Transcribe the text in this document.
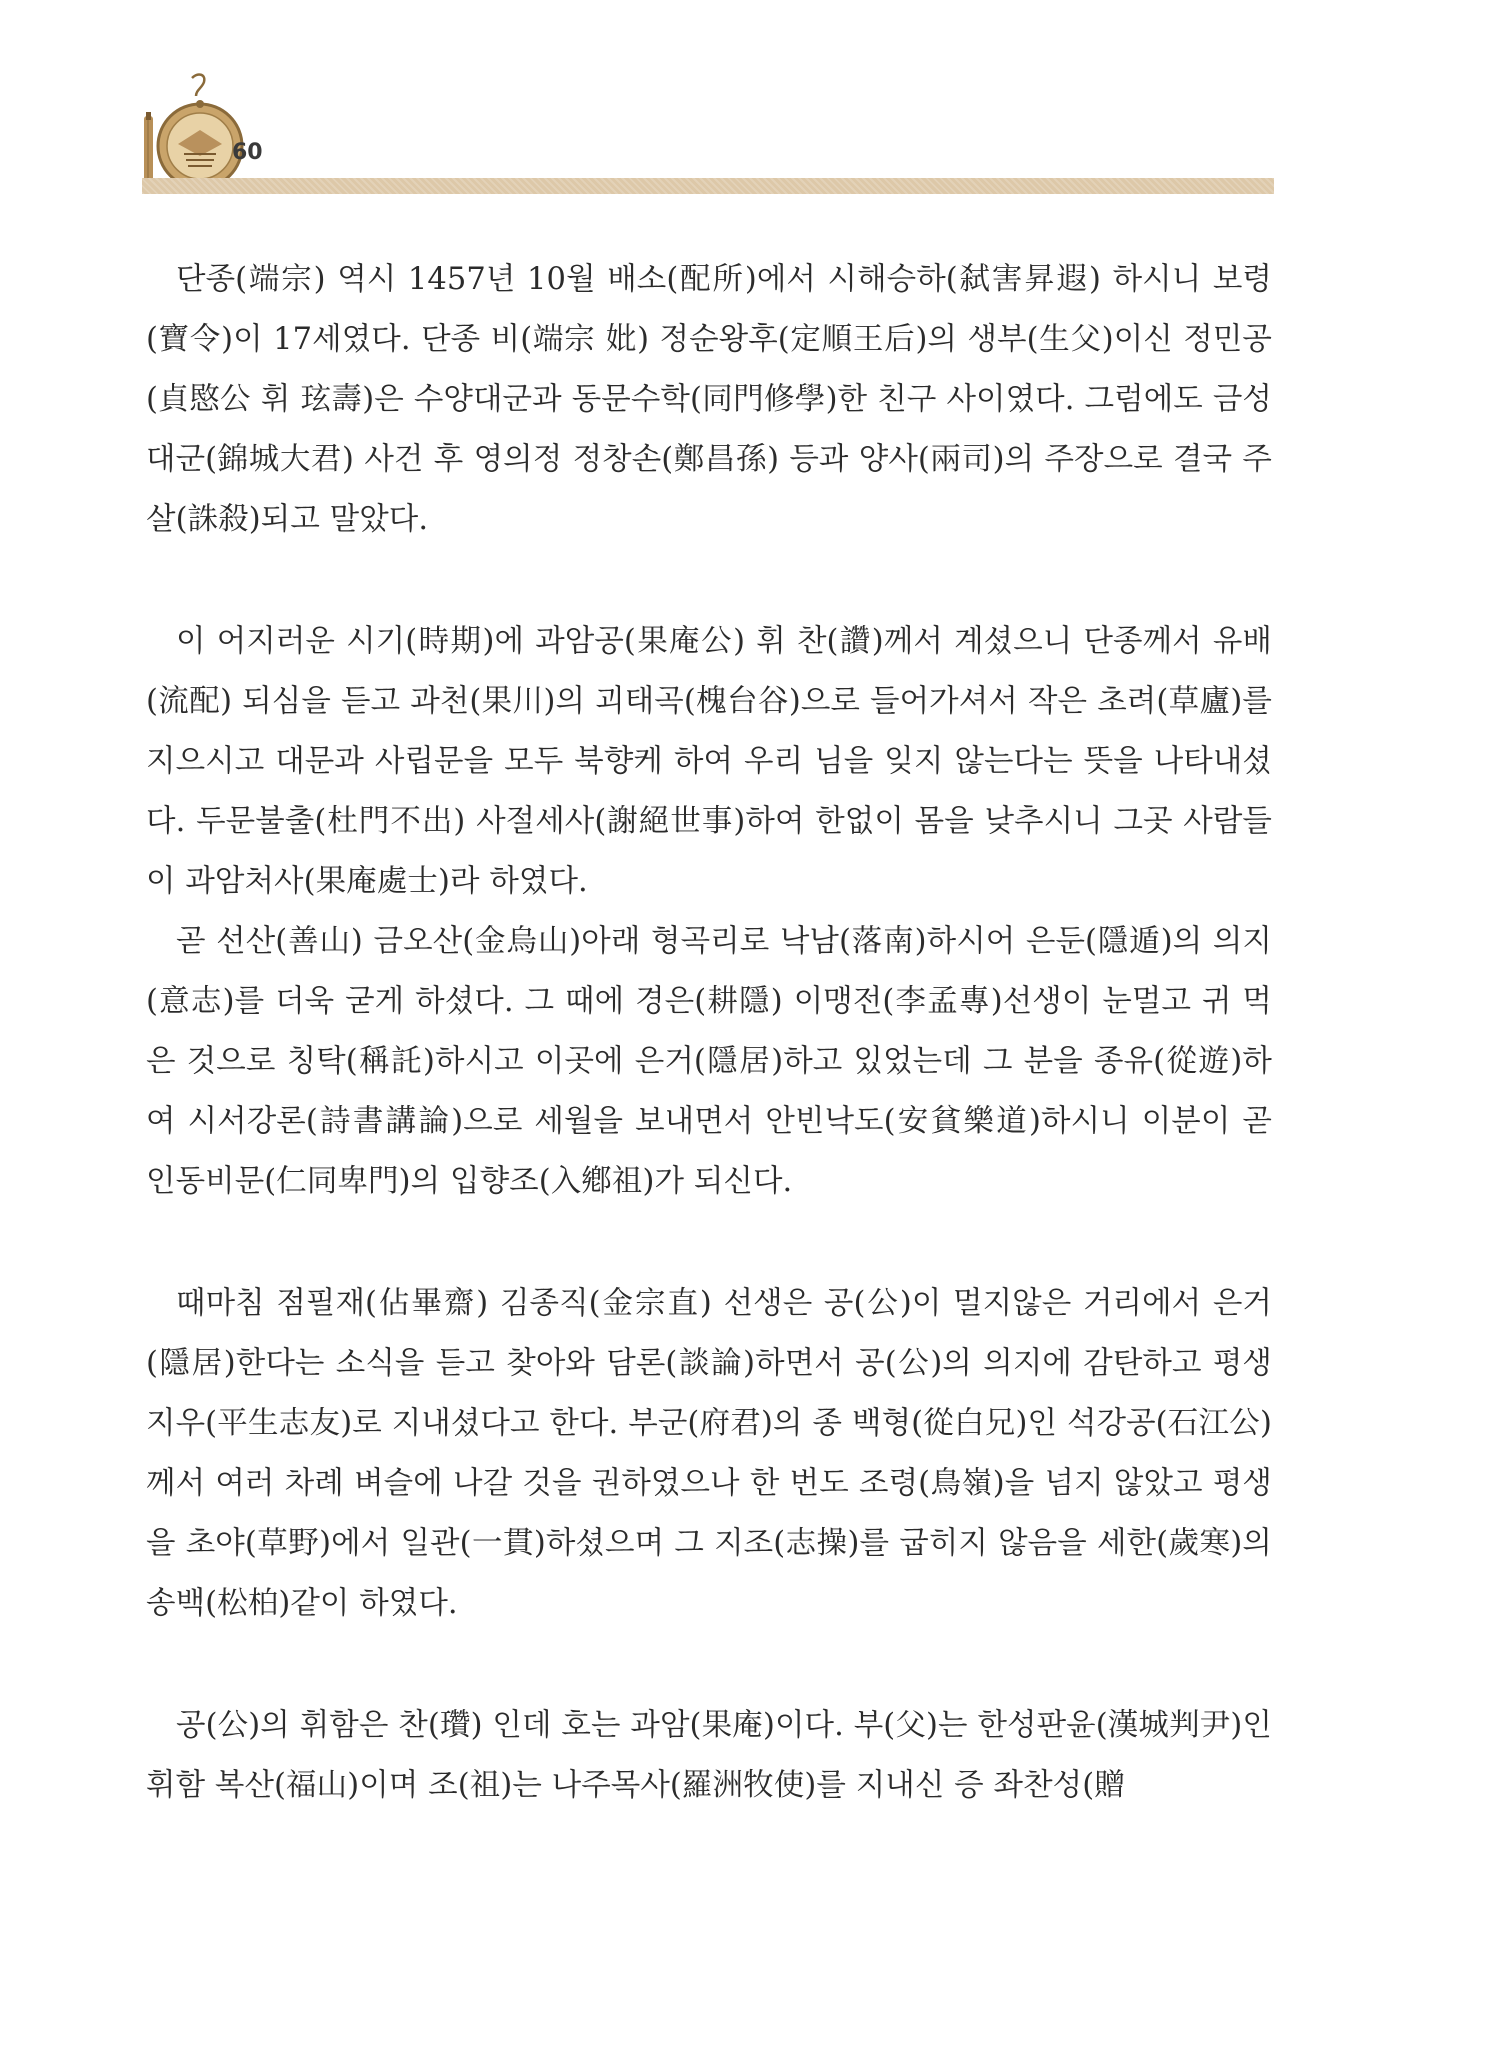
60

단종(端宗) 역시 1457년 10월 배소(配所)에서 시해승하(弑害昇遐) 하시니 보령(寶令)이 17세였다. 단종 비(端宗 妣) 정순왕후(定順王后)의 생부(生父)이신 정민공(貞愍公 휘 玹壽)은 수양대군과 동문수학(同門修學)한 친구 사이였다. 그럼에도 금성대군(錦城大君) 사건 후 영의정 정창손(鄭昌孫) 등과 양사(兩司)의 주장으로 결국 주살(誅殺)되고 말았다.

이 어지러운 시기(時期)에 과암공(果庵公) 휘 찬(讚)께서 계셨으니 단종께서 유배(流配) 되심을 듣고 과천(果川)의 괴태곡(槐台谷)으로 들어가셔서 작은 초려(草廬)를 지으시고 대문과 사립문을 모두 북향케 하여 우리 님을 잊지 않는다는 뜻을 나타내셨다. 두문불출(杜門不出) 사절세사(謝絕世事)하여 한없이 몸을 낮추시니 그곳 사람들이 과암처사(果庵處士)라 하였다.

곧 선산(善山) 금오산(金烏山)아래 형곡리로 낙남(落南)하시어 은둔(隱遁)의 의지(意志)를 더욱 굳게 하셨다. 그 때에 경은(耕隱) 이맹전(李孟專)선생이 눈멀고 귀 먹은 것으로 칭탁(稱託)하시고 이곳에 은거(隱居)하고 있었는데 그 분을 종유(從遊)하여 시서강론(詩書講論)으로 세월을 보내면서 안빈낙도(安貧樂道)하시니 이분이 곧 인동비문(仁同卑門)의 입향조(入鄕祖)가 되신다.

때마침 점필재(佔畢齋) 김종직(金宗直) 선생은 공(公)이 멀지않은 거리에서 은거(隱居)한다는 소식을 듣고 찾아와 담론(談論)하면서 공(公)의 의지에 감탄하고 평생지우(平生志友)로 지내셨다고 한다. 부군(府君)의 종 백형(從白兄)인 석강공(石江公)께서 여러 차례 벼슬에 나갈 것을 권하였으나 한 번도 조령(鳥嶺)을 넘지 않았고 평생을 초야(草野)에서 일관(一貫)하셨으며 그 지조(志操)를 굽히지 않음을 세한(歲寒)의 송백(松柏)같이 하였다.

공(公)의 휘함은 찬(瓚) 인데 호는 과암(果庵)이다. 부(父)는 한성판윤(漢城判尹)인 휘함 복산(福山)이며 조(祖)는 나주목사(羅洲牧使)를 지내신 증 좌찬성(贈
